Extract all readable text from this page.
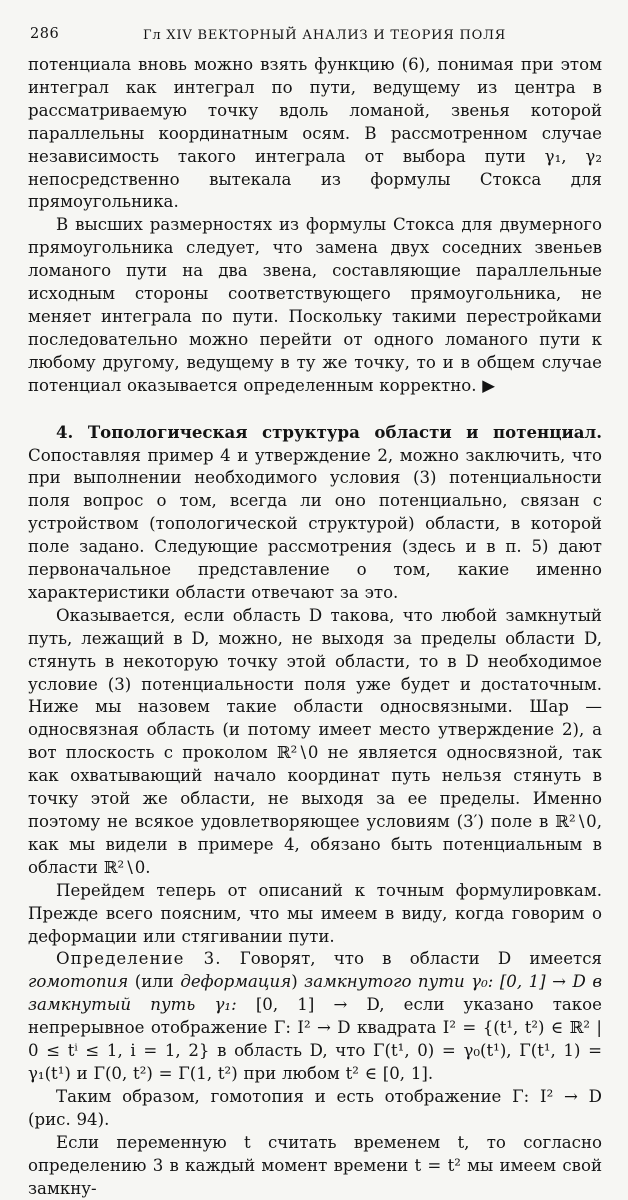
286	Гл XIV ВЕКТОРНЫЙ АНАЛИЗ И ТЕОРИЯ ПОЛЯ

потенциала вновь можно взять функцию (6), понимая при этом интеграл как интеграл по пути, ведущему из центра в рассматриваемую точку вдоль ломаной, звенья которой параллельны координатным осям. В рассмотренном случае независимость такого интеграла от выбора пути γ₁, γ₂ непосредственно вытекала из формулы Стокса для прямоугольника.

В высших размерностях из формулы Стокса для двумерного прямоугольника следует, что замена двух соседних звеньев ломаного пути на два звена, составляющие параллельные исходным стороны соответствующего прямоугольника, не меняет интеграла по пути. Поскольку такими перестройками последовательно можно перейти от одного ломаного пути к любому другому, ведущему в ту же точку, то и в общем случае потенциал оказывается определенным корректно. ▶

4. Топологическая структура области и потенциал. Сопоставляя пример 4 и утверждение 2, можно заключить, что при выполнении необходимого условия (3) потенциальности поля вопрос о том, всегда ли оно потенциально, связан с устройством (топологической структурой) области, в которой поле задано. Следующие рассмотрения (здесь и в п. 5) дают первоначальное представление о том, какие именно характеристики области отвечают за это.

Оказывается, если область D такова, что любой замкнутый путь, лежащий в D, можно, не выходя за пределы области D, стянуть в некоторую точку этой области, то в D необходимое условие (3) потенциальности поля уже будет и достаточным. Ниже мы назовем такие области односвязными. Шар — односвязная область (и потому имеет место утверждение 2), а вот плоскость с проколом ℝ²∖0 не является односвязной, так как охватывающий начало координат путь нельзя стянуть в точку этой же области, не выходя за ее пределы. Именно поэтому не всякое удовлетворяющее условиям (3′) поле в ℝ²∖0, как мы видели в примере 4, обязано быть потенциальным в области ℝ²∖0.

Перейдем теперь от описаний к точным формулировкам. Прежде всего поясним, что мы имеем в виду, когда говорим о деформации или стягивании пути.

Определение 3. Говорят, что в области D имеется гомотопия (или деформация) замкнутого пути γ₀: [0, 1] → D в замкнутый путь γ₁: [0, 1] → D, если указано такое непрерывное отображение Γ: I² → D квадрата I² = {(t¹, t²) ∈ ℝ² | 0 ≤ tⁱ ≤ 1, i = 1, 2} в область D, что Γ(t¹, 0) = γ₀(t¹), Γ(t¹, 1) = γ₁(t¹) и Γ(0, t²) = Γ(1, t²) при любом t² ∈ [0, 1].

Таким образом, гомотопия и есть отображение Γ: I² → D (рис. 94).

Если переменную t считать временем t, то согласно определению 3 в каждый момент времени t = t² мы имеем свой замкну-
